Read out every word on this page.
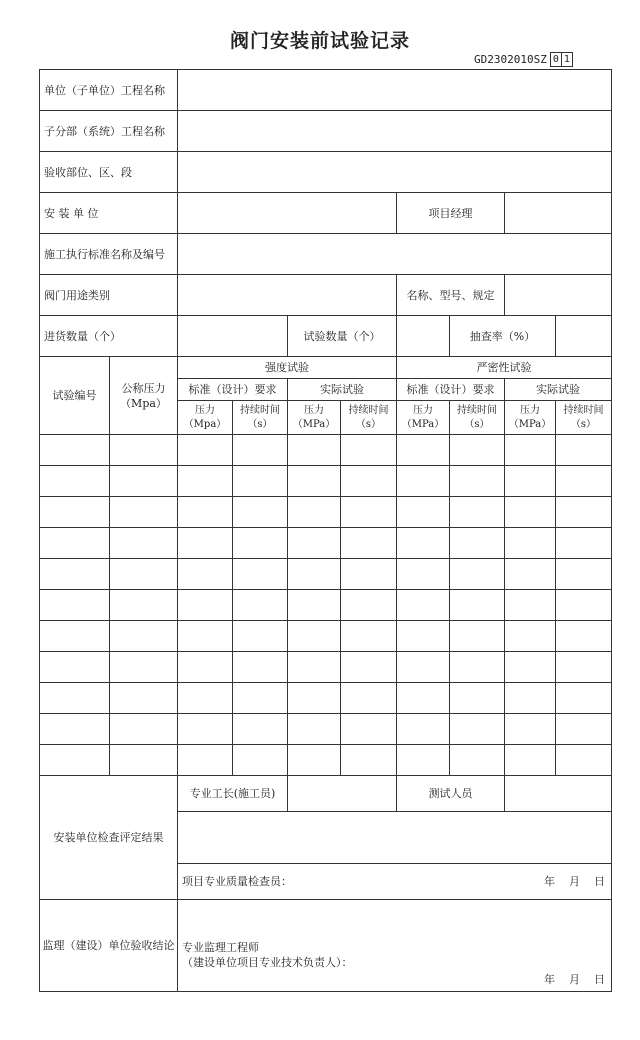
阀门安装前试验记录
GD2302010SZ 0 1
单位（子单位）工程名称									
子分部（系统）工程名称									
验收部位、区、段									
安 装 单 位						项目经理			
施工执行标准名称及编号									
阀门用途类别						名称、型号、规定			
进货数量（个）				试验数量（个）			抽查率（%）		
试验编号	公称压力（Mpa）	强度试验				严密性试验			
		标准（设计）要求		实际试验		标准（设计）要求		实际试验	
		压力（Mpa）	持续时间（s）	压力（MPa）	持续时间（s）	压力（MPa）	持续时间（s）	压力（MPa）	持续时间（s）

安装单位检查评定结果		专业工长(施工员)				测试人员			

		项目专业质量检查员： 年    月    日							

监理（建设）单位验收结论		专业监理工程师
（建设单位项目专业技术负责人）：
年    月    日							
